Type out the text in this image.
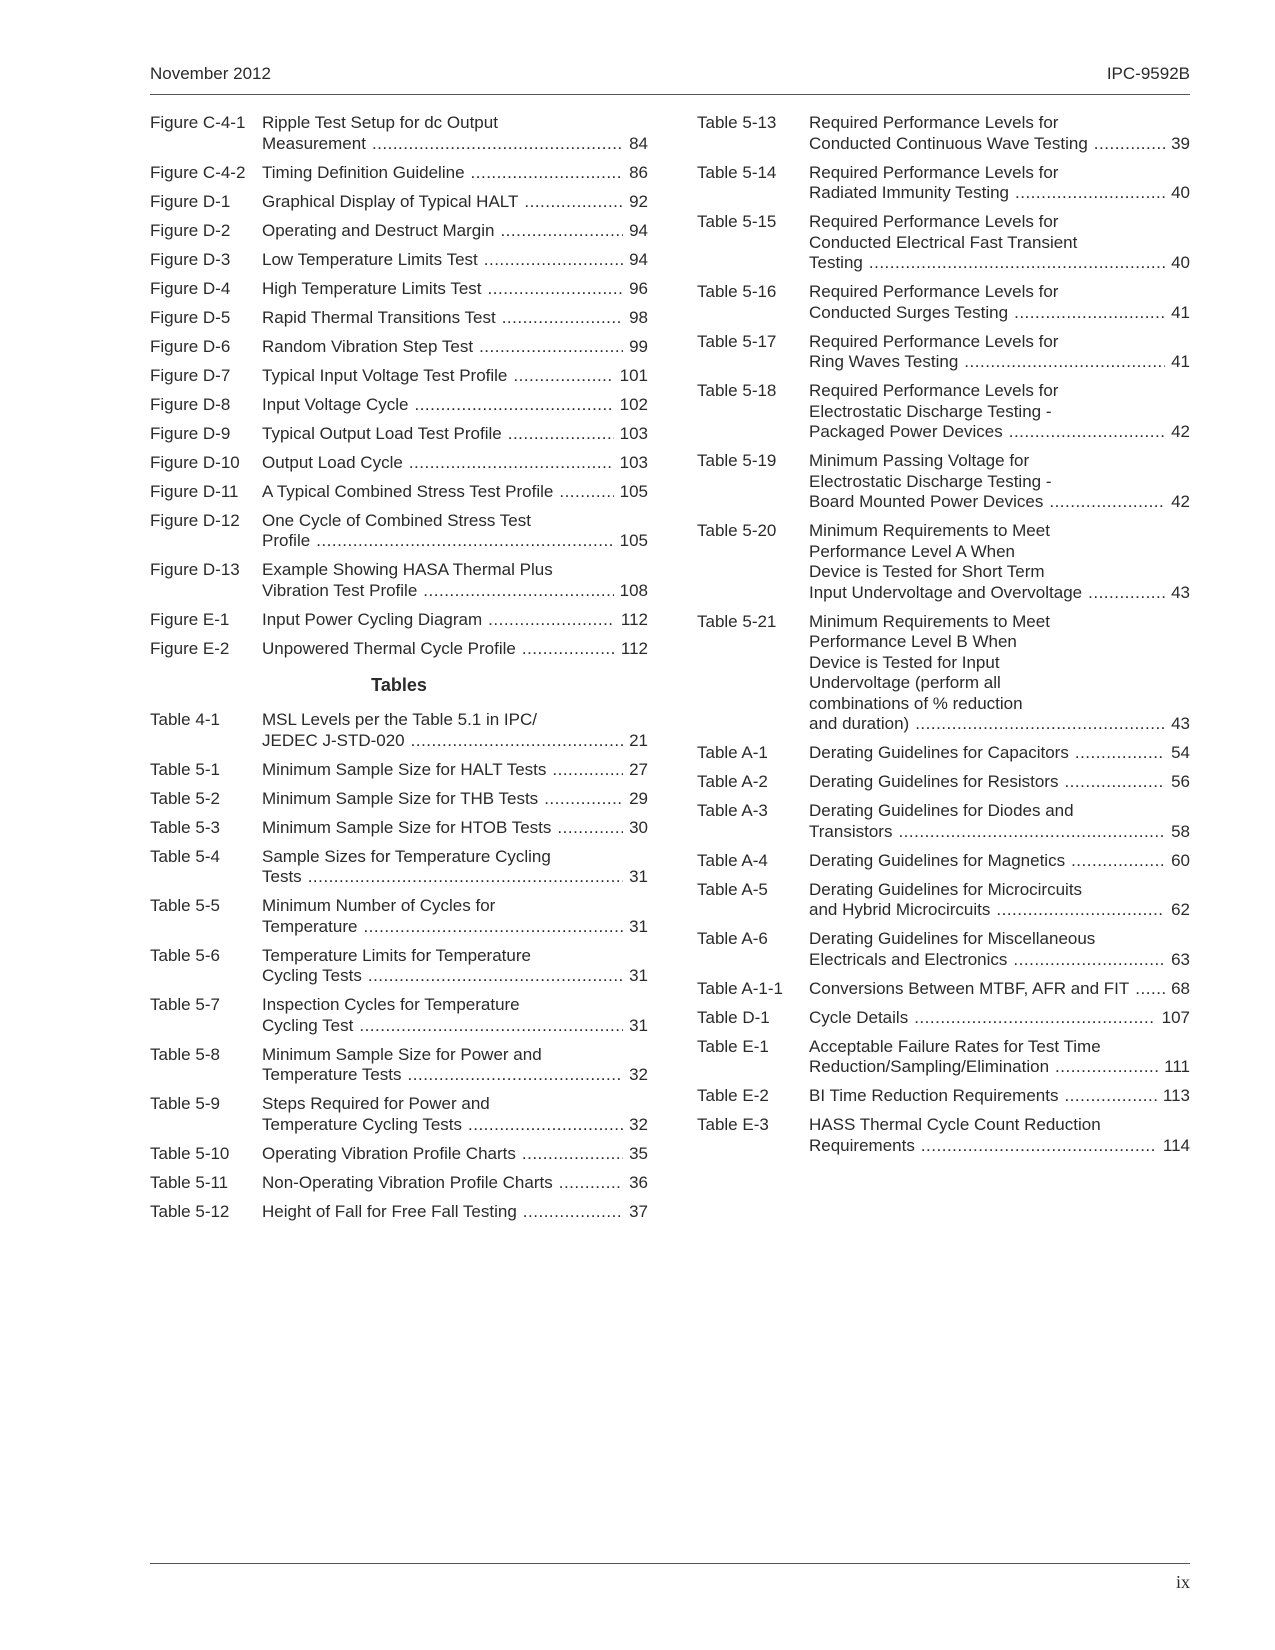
November 2012	IPC-9592B
Figure C-4-1 Ripple Test Setup for dc Output
Measurement .....	84
Figure C-4-2 Timing Definition Guideline .....	86
Figure D-1	Graphical Display of Typical HALT .....	92
Figure D-2	Operating and Destruct Margin .....	94
Figure D-3	Low Temperature Limits Test .....	94
Figure D-4	High Temperature Limits Test .....	96
Figure D-5	Rapid Thermal Transitions Test .....	98
Figure D-6	Random Vibration Step Test .....	99
Figure D-7	Typical Input Voltage Test Profile .....	101
Figure D-8	Input Voltage Cycle .....	102
Figure D-9	Typical Output Load Test Profile .....	103
Figure D-10	Output Load Cycle .....	103
Figure D-11	A Typical Combined Stress Test Profile .....	105
Figure D-12	One Cycle of Combined Stress Test
Profile .....	105
Figure D-13	Example Showing HASA Thermal Plus
Vibration Test Profile .....	108
Figure E-1	Input Power Cycling Diagram .....	112
Figure E-2	Unpowered Thermal Cycle Profile .....	112
Tables
Table 4-1	MSL Levels per the Table 5.1 in IPC/
JEDEC J-STD-020 .....	21
Table 5-1	Minimum Sample Size for HALT Tests .....	27
Table 5-2	Minimum Sample Size for THB Tests .....	29
Table 5-3	Minimum Sample Size for HTOB Tests .....	30
Table 5-4	Sample Sizes for Temperature Cycling
Tests .....	31
Table 5-5	Minimum Number of Cycles for
Temperature .....	31
Table 5-6	Temperature Limits for Temperature
Cycling Tests .....	31
Table 5-7	Inspection Cycles for Temperature
Cycling Test .....	31
Table 5-8	Minimum Sample Size for Power and
Temperature Tests .....	32
Table 5-9	Steps Required for Power and
Temperature Cycling Tests .....	32
Table 5-10	Operating Vibration Profile Charts .....	35
Table 5-11	Non-Operating Vibration Profile Charts .....	36
Table 5-12	Height of Fall for Free Fall Testing .....	37
Table 5-13	Required Performance Levels for
Conducted Continuous Wave Testing .....	39
Table 5-14	Required Performance Levels for
Radiated Immunity Testing .....	40
Table 5-15	Required Performance Levels for
Conducted Electrical Fast Transient
Testing .....	40
Table 5-16	Required Performance Levels for
Conducted Surges Testing .....	41
Table 5-17	Required Performance Levels for
Ring Waves Testing .....	41
Table 5-18	Required Performance Levels for
Electrostatic Discharge Testing -
Packaged Power Devices .....	42
Table 5-19	Minimum Passing Voltage for
Electrostatic Discharge Testing -
Board Mounted Power Devices .....	42
Table 5-20	Minimum Requirements to Meet
Performance Level A When
Device is Tested for Short Term
Input Undervoltage and Overvoltage .....	43
Table 5-21	Minimum Requirements to Meet
Performance Level B When
Device is Tested for Input
Undervoltage (perform all
combinations of % reduction
and duration) .....	43
Table A-1	Derating Guidelines for Capacitors .....	54
Table A-2	Derating Guidelines for Resistors .....	56
Table A-3	Derating Guidelines for Diodes and
Transistors .....	58
Table A-4	Derating Guidelines for Magnetics .....	60
Table A-5	Derating Guidelines for Microcircuits
and Hybrid Microcircuits .....	62
Table A-6	Derating Guidelines for Miscellaneous
Electricals and Electronics .....	63
Table A-1-1	Conversions Between MTBF, AFR and FIT ..... 68
Table D-1	Cycle Details .....	107
Table E-1	Acceptable Failure Rates for Test Time
Reduction/Sampling/Elimination .....	111
Table E-2	BI Time Reduction Requirements .....	113
Table E-3	HASS Thermal Cycle Count Reduction
Requirements .....	114
ix
